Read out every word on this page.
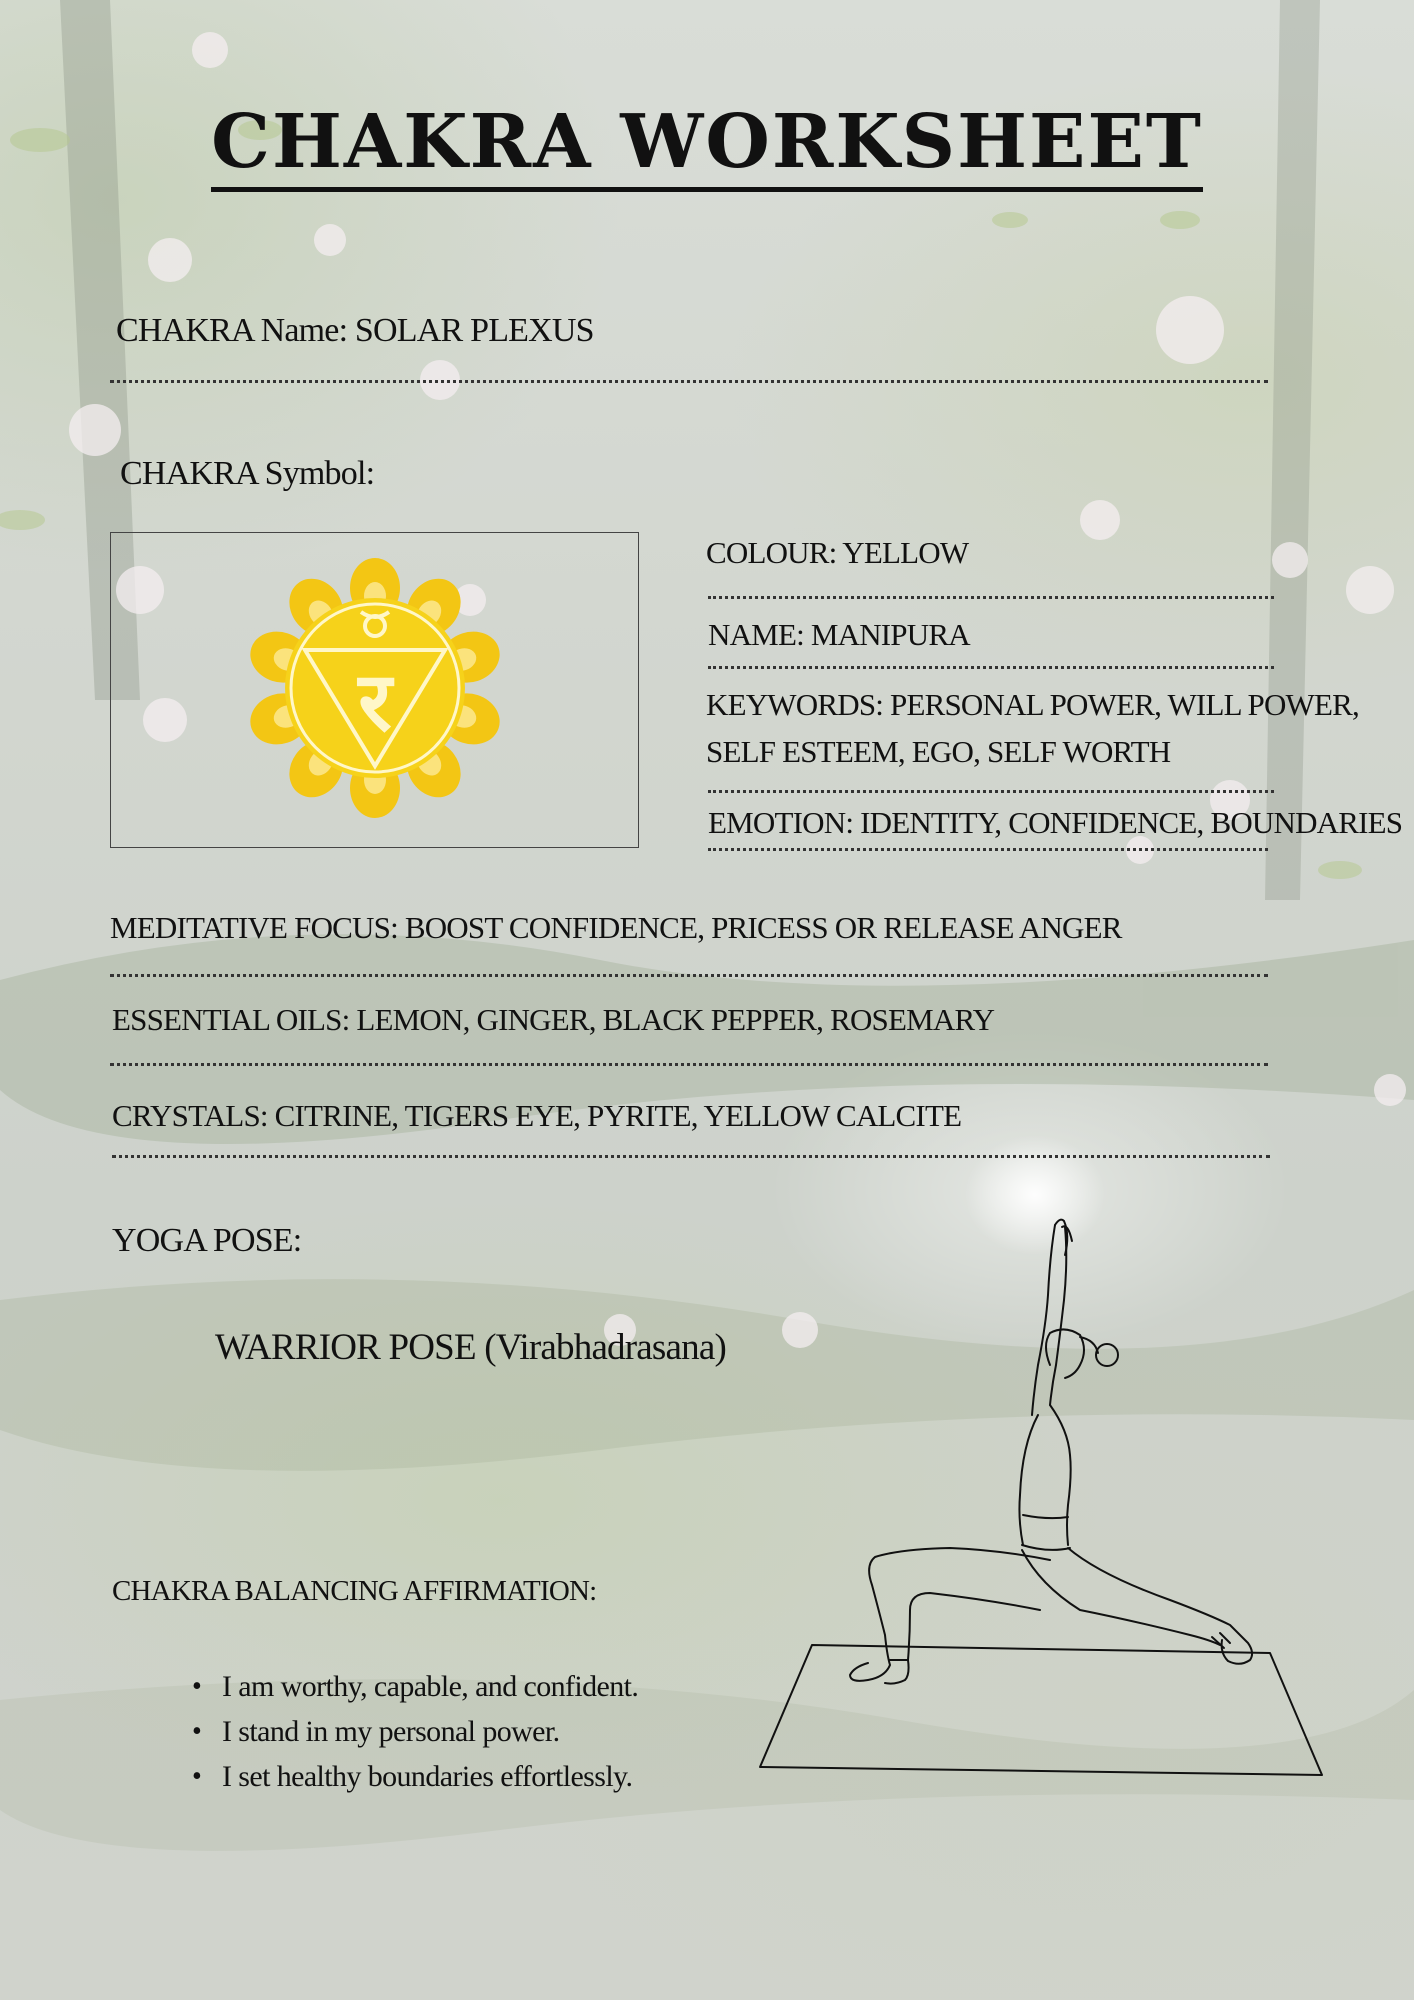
CHAKRA WORKSHEET
CHAKRA Name: SOLAR PLEXUS
CHAKRA Symbol:
र
COLOUR: YELLOW
NAME: MANIPURA
KEYWORDS: PERSONAL POWER, WILL POWER,
SELF ESTEEM, EGO, SELF WORTH
EMOTION: IDENTITY, CONFIDENCE, BOUNDARIES
MEDITATIVE FOCUS: BOOST CONFIDENCE, PRICESS OR RELEASE ANGER
ESSENTIAL OILS: LEMON, GINGER, BLACK PEPPER, ROSEMARY
CRYSTALS: CITRINE, TIGERS EYE, PYRITE, YELLOW CALCITE
YOGA POSE:
WARRIOR POSE (Virabhadrasana)
CHAKRA BALANCING AFFIRMATION:
• I am worthy, capable, and confident.
• I stand in my personal power.
• I set healthy boundaries effortlessly.
